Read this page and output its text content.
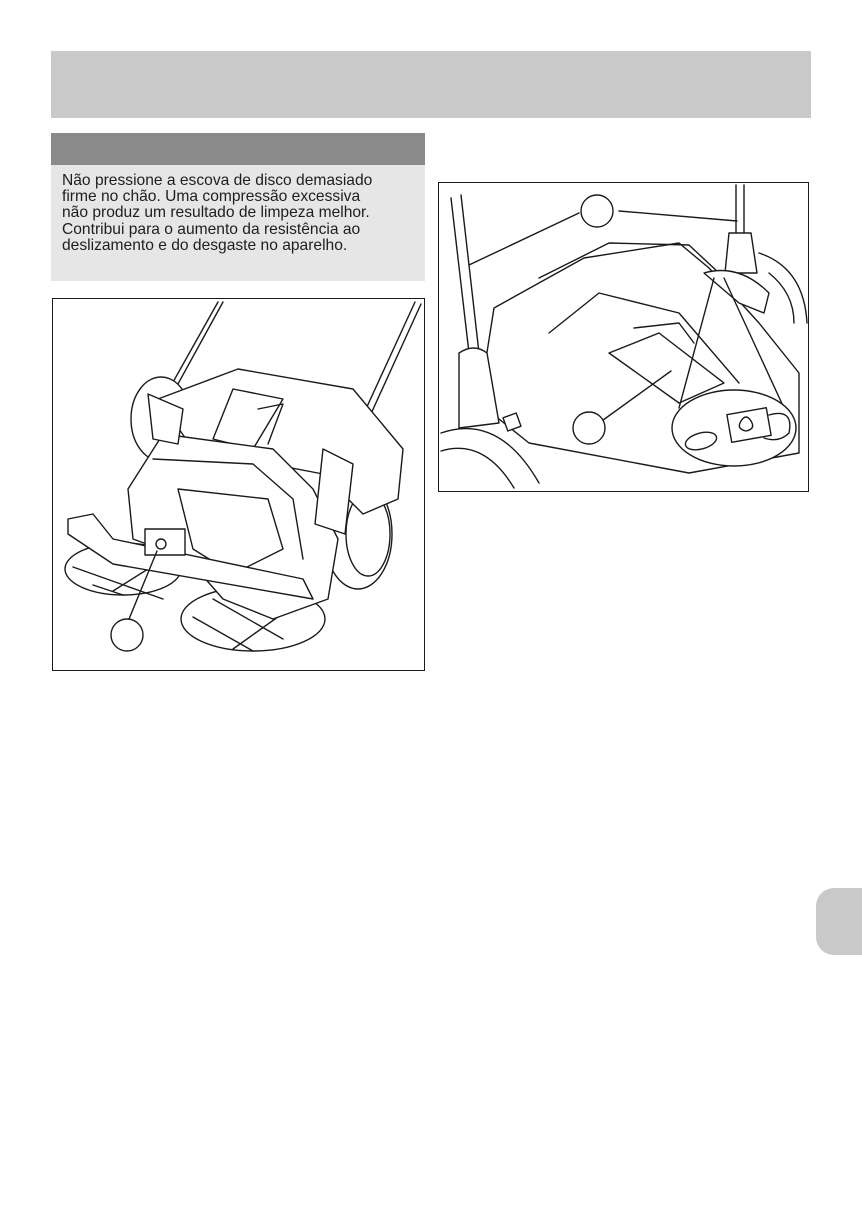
Não pressione a escova de disco demasiado
firme no chão. Uma compressão excessiva
não produz um resultado de limpeza melhor.
Contribui para o aumento da resistência ao
deslizamento e do desgaste no aparelho.
